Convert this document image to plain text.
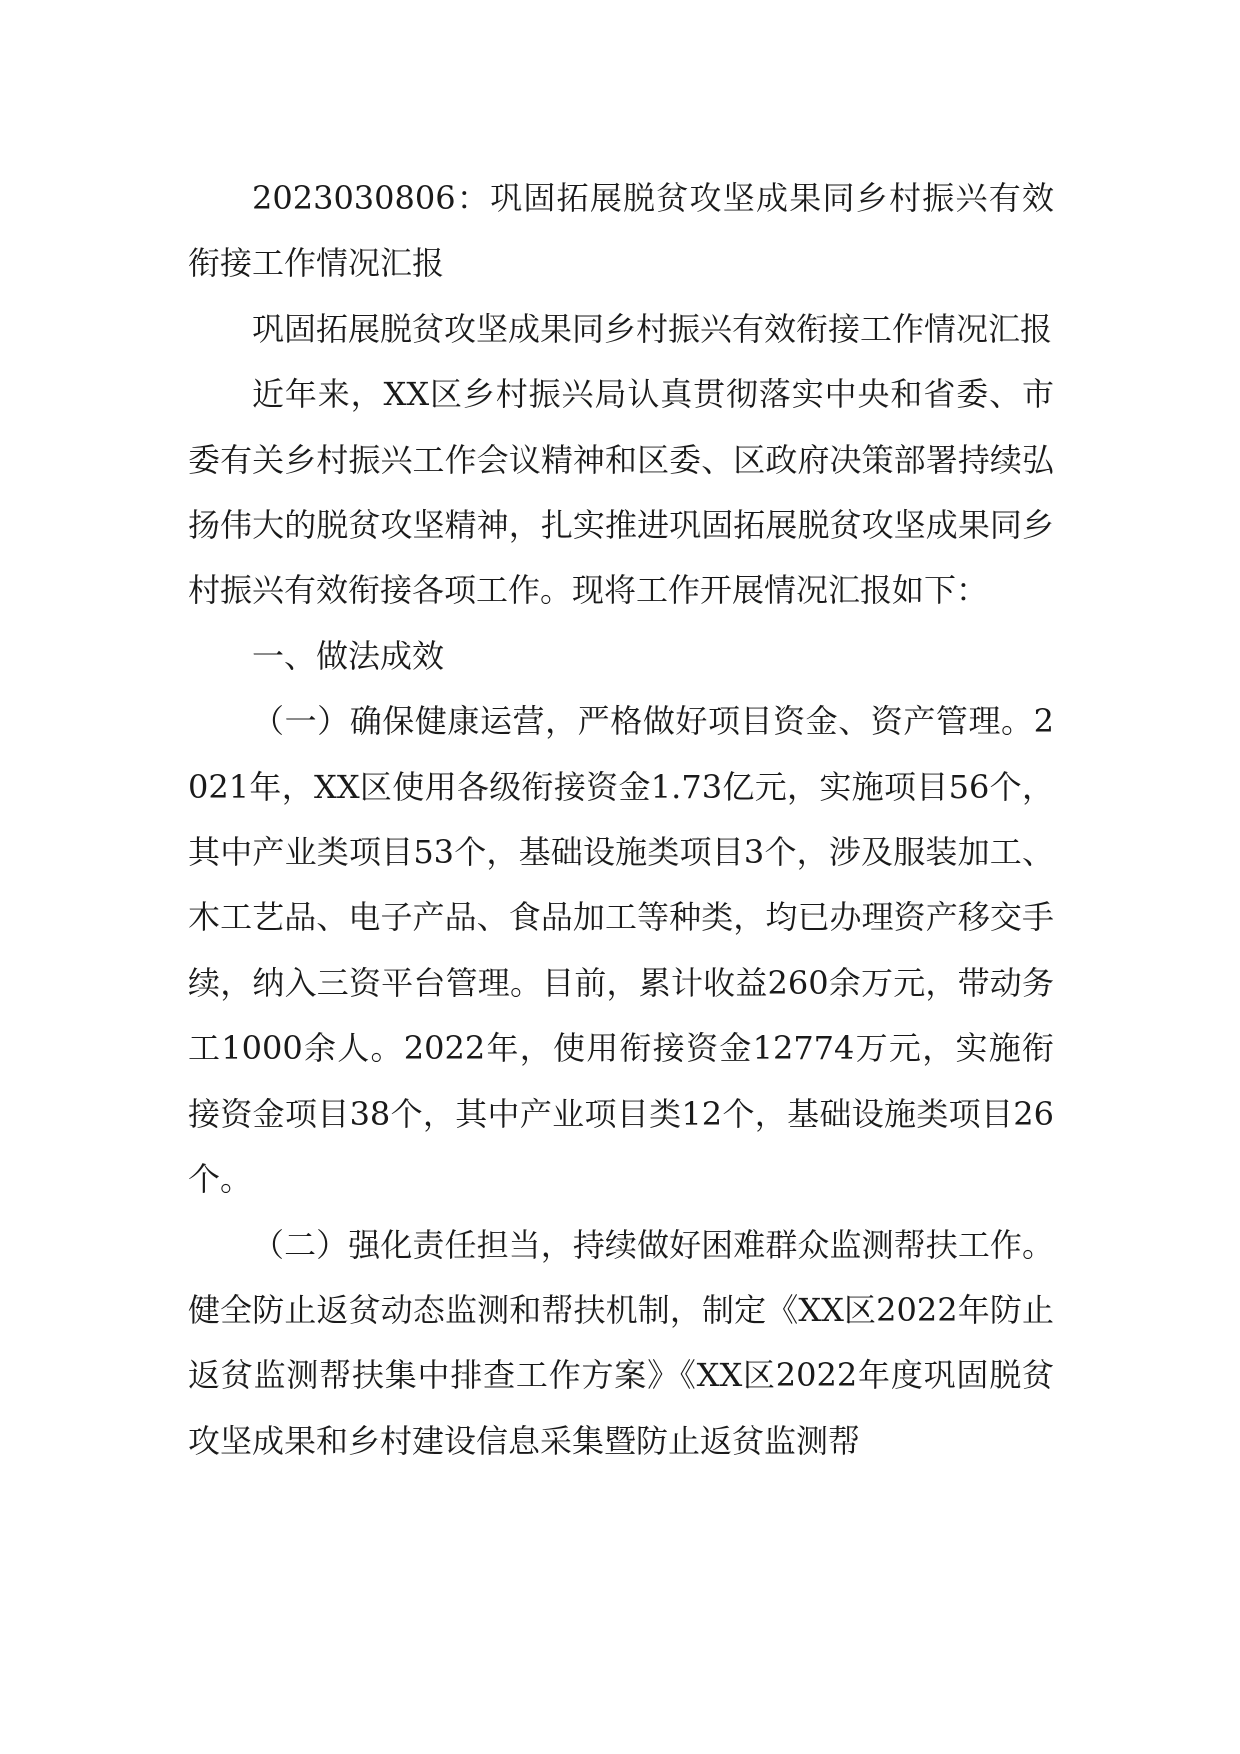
2023030806：巩固拓展脱贫攻坚成果同乡村振兴有效衔接工作情况汇报

巩固拓展脱贫攻坚成果同乡村振兴有效衔接工作情况汇报

近年来，XX区乡村振兴局认真贯彻落实中央和省委、市委有关乡村振兴工作会议精神和区委、区政府决策部署持续弘扬伟大的脱贫攻坚精神，扎实推进巩固拓展脱贫攻坚成果同乡村振兴有效衔接各项工作。现将工作开展情况汇报如下：

一、做法成效

（一）确保健康运营，严格做好项目资金、资产管理。2021年，XX区使用各级衔接资金1.73亿元，实施项目56个，其中产业类项目53个，基础设施类项目3个，涉及服装加工、木工艺品、电子产品、食品加工等种类，均已办理资产移交手续，纳入三资平台管理。目前，累计收益260余万元，带动务工1000余人。2022年，使用衔接资金12774万元，实施衔接资金项目38个，其中产业项目类12个，基础设施类项目26个。

（二）强化责任担当，持续做好困难群众监测帮扶工作。健全防止返贫动态监测和帮扶机制，制定《XX区2022年防止返贫监测帮扶集中排查工作方案》《XX区2022年度巩固脱贫攻坚成果和乡村建设信息采集暨防止返贫监测帮
